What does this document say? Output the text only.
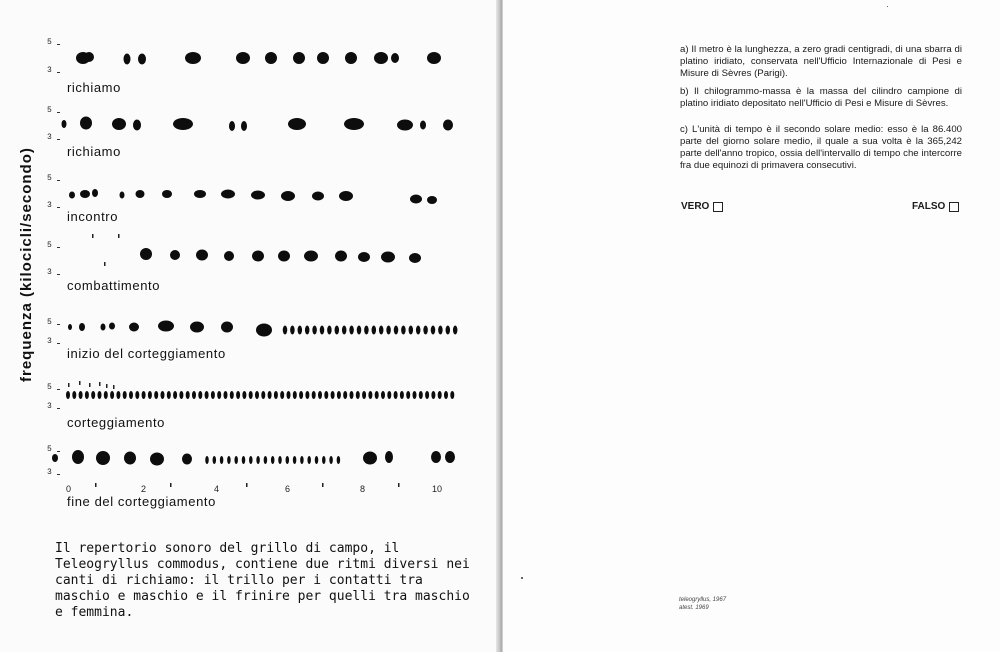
frequenza (kilocicli/secondo)
5
3
5
3
5
3
5
3
5
3
5
3
5
3
richiamo
richiamo
incontro
combattimento
inizio del corteggiamento
corteggiamento
fine del corteggiamento
0	2	4	6	8	10
Il repertorio sonoro del grillo di campo, il Teleogryllus commodus, contiene due ritmi diversi nei canti di richiamo: il trillo per i contatti tra maschio e maschio e il frinire per quelli tra maschio e femmina.
a) Il metro è la lunghezza, a zero gradi centigradi, di una sbarra di platino iridiato, conservata nell'Ufficio Internazionale di Pesi e Misure di Sèvres (Parigi).
b) Il chilogrammo-massa è la massa del cilindro campione di platino iridiato depositato nell'Ufficio di Pesi e Misure di Sèvres.
c) L'unità di tempo è il secondo solare medio: esso è la 86.400 parte del giorno solare medio, il quale a sua volta è la 365,242 parte dell'anno tropico, ossia dell'intervallo di tempo che intercorre fra due equinozi di primavera consecutivi.
VERO	FALSO
teleogryllus, 1967
atest. 1969
